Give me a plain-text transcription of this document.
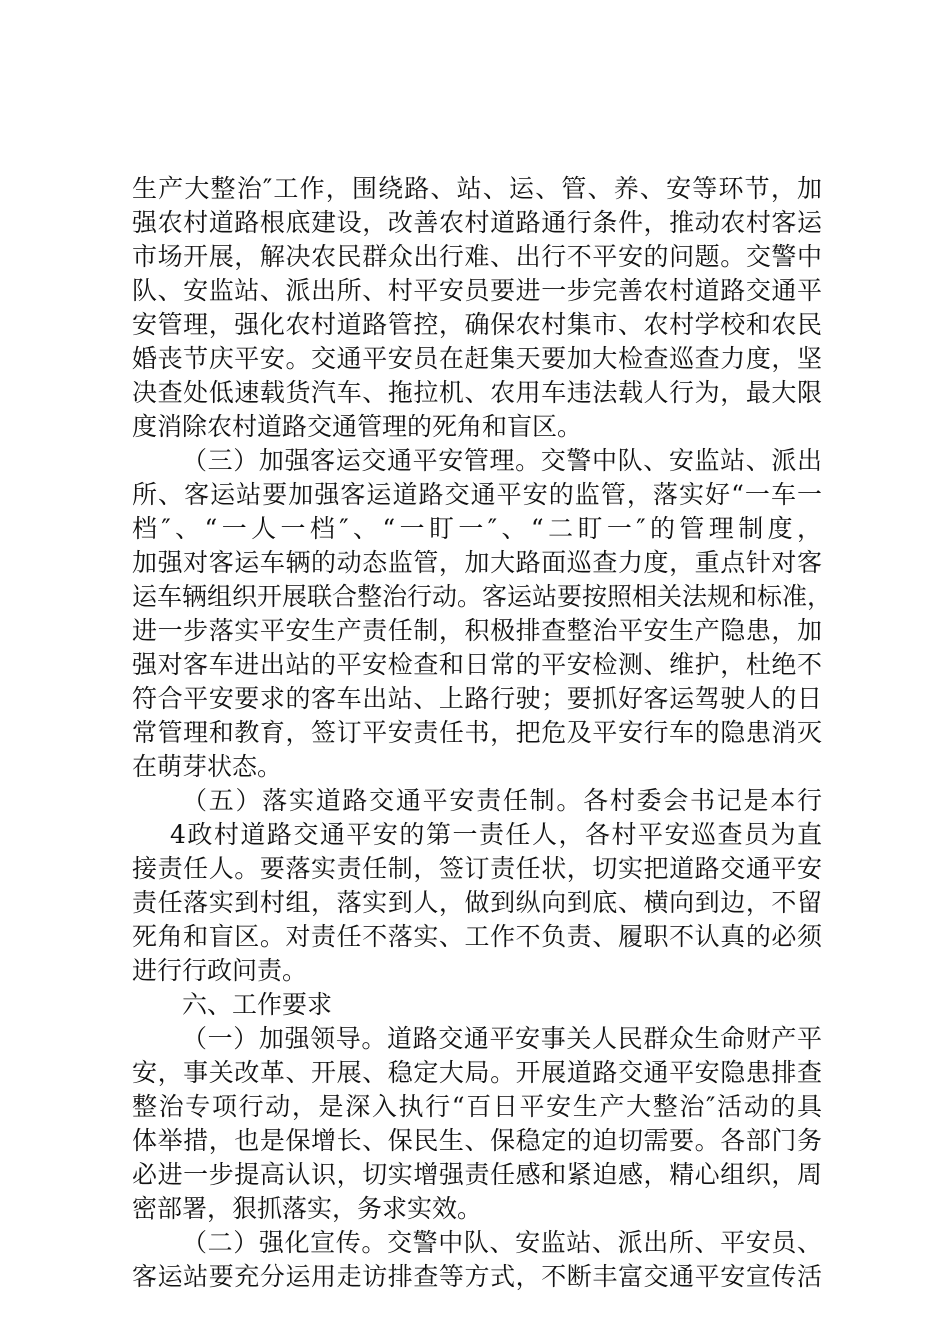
生产大整治″工作，围绕路、站、运、管、养、安等环节，加
强农村道路根底建设，改善农村道路通行条件，推动农村客运
市场开展，解决农民群众出行难、出行不平安的问题。交警中
队、安监站、派出所、村平安员要进一步完善农村道路交通平
安管理，强化农村道路管控，确保农村集市、农村学校和农民
婚丧节庆平安。交通平安员在赶集天要加大检查巡查力度，坚
决查处低速载货汽车、拖拉机、农用车违法载人行为，最大限
度消除农村道路交通管理的死角和盲区。
（三）加强客运交通平安管理。交警中队、安监站、派出
所、客运站要加强客运道路交通平安的监管，落实好“一车一
档″、“一人一档″、“一盯一″、“二盯一″的管理制度，
加强对客运车辆的动态监管，加大路面巡查力度，重点针对客
运车辆组织开展联合整治行动。客运站要按照相关法规和标准，
进一步落实平安生产责任制，积极排查整治平安生产隐患，加
强对客车进出站的平安检查和日常的平安检测、维护，杜绝不
符合平安要求的客车出站、上路行驶；要抓好客运驾驶人的日
常管理和教育，签订平安责任书，把危及平安行车的隐患消灭
在萌芽状态。
（五）落实道路交通平安责任制。各村委会书记是本行
4政村道路交通平安的第一责任人，各村平安巡查员为直
接责任人。要落实责任制，签订责任状，切实把道路交通平安
责任落实到村组，落实到人，做到纵向到底、横向到边，不留
死角和盲区。对责任不落实、工作不负责、履职不认真的必须
进行行政问责。
六、工作要求
（一）加强领导。道路交通平安事关人民群众生命财产平
安，事关改革、开展、稳定大局。开展道路交通平安隐患排查
整治专项行动，是深入执行“百日平安生产大整治″活动的具
体举措，也是保增长、保民生、保稳定的迫切需要。各部门务
必进一步提高认识，切实增强责任感和紧迫感，精心组织，周
密部署，狠抓落实，务求实效。
（二）强化宣传。交警中队、安监站、派出所、平安员、
客运站要充分运用走访排查等方式，不断丰富交通平安宣传活
